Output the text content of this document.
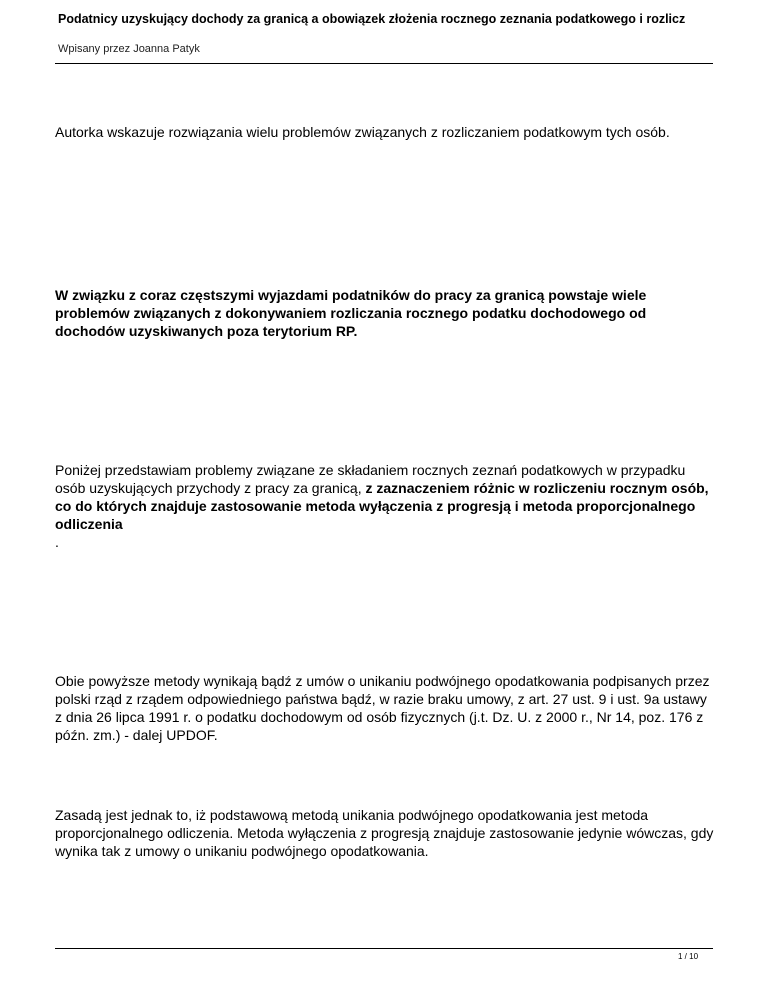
Podatnicy uzyskujący dochody za granicą a obowiązek złożenia rocznego zeznania podatkowego i rozlicz
Wpisany przez Joanna Patyk
Autorka wskazuje rozwiązania wielu problemów związanych z rozliczaniem podatkowym tych osób.
W związku z coraz częstszymi wyjazdami podatników do pracy za granicą powstaje wiele problemów związanych z dokonywaniem rozliczania rocznego podatku dochodowego od dochodów uzyskiwanych poza terytorium RP.
Poniżej przedstawiam problemy związane ze składaniem rocznych zeznań podatkowych w przypadku osób uzyskujących przychody z pracy za granicą, z zaznaczeniem różnic w rozliczeniu rocznym osób, co do których znajduje zastosowanie metoda wyłączenia z progresją i metoda proporcjonalnego odliczenia
.
Obie powyższe metody wynikają bądź z umów o unikaniu podwójnego opodatkowania podpisanych przez polski rząd z rządem odpowiedniego państwa bądź, w razie braku umowy, z art. 27 ust. 9 i ust. 9a ustawy z dnia 26 lipca 1991 r. o podatku dochodowym od osób fizycznych (j.t. Dz. U. z 2000 r., Nr 14, poz. 176 z późn. zm.) - dalej UPDOF.
Zasadą jest jednak to, iż podstawową metodą unikania podwójnego opodatkowania jest metoda proporcjonalnego odliczenia. Metoda wyłączenia z progresją znajduje zastosowanie jedynie wówczas, gdy wynika tak z umowy o unikaniu podwójnego opodatkowania.
1 / 10
